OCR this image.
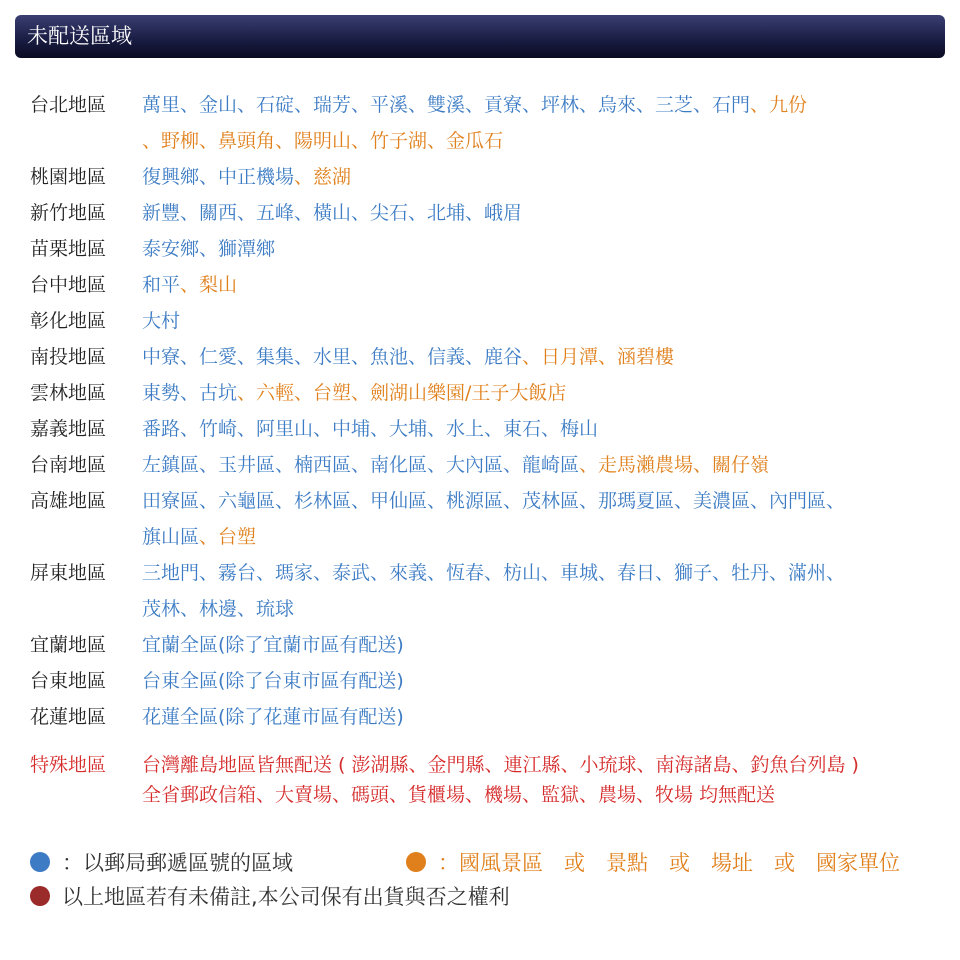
未配送區域
台北地區	萬里、金山、石碇、瑞芳、平溪、雙溪、貢寮、坪林、烏來、三芝、石門、九份
、野柳、鼻頭角、陽明山、竹子湖、金瓜石
桃園地區	復興鄉、中正機場、慈湖
新竹地區	新豐、關西、五峰、橫山、尖石、北埔、峨眉
苗栗地區	泰安鄉、獅潭鄉
台中地區	和平、梨山
彰化地區	大村
南投地區	中寮、仁愛、集集、水里、魚池、信義、鹿谷、日月潭、涵碧樓
雲林地區	東勢、古坑、六輕、台塑、劍湖山樂園/王子大飯店
嘉義地區	番路、竹崎、阿里山、中埔、大埔、水上、東石、梅山
台南地區	左鎮區、玉井區、楠西區、南化區、大內區、龍崎區、走馬瀨農場、關仔嶺
高雄地區	田寮區、六龜區、杉林區、甲仙區、桃源區、茂林區、那瑪夏區、美濃區、內門區、
旗山區、台塑
屏東地區	三地門、霧台、瑪家、泰武、來義、恆春、枋山、車城、春日、獅子、牡丹、滿州、
茂林、林邊、琉球
宜蘭地區	宜蘭全區(除了宜蘭市區有配送)
台東地區	台東全區(除了台東市區有配送)
花蓮地區	花蓮全區(除了花蓮市區有配送)
特殊地區	台灣離島地區皆無配送 ( 澎湖縣、金門縣、連江縣、小琉球、南海諸島、釣魚台列島 )
全省郵政信箱、大賣場、碼頭、貨櫃場、機場、監獄、農場、牧場 均無配送
：以郵局郵遞區號的區域	：國風景區　或　景點　或　場址　或　國家單位
以上地區若有未備註,本公司保有出貨與否之權利
